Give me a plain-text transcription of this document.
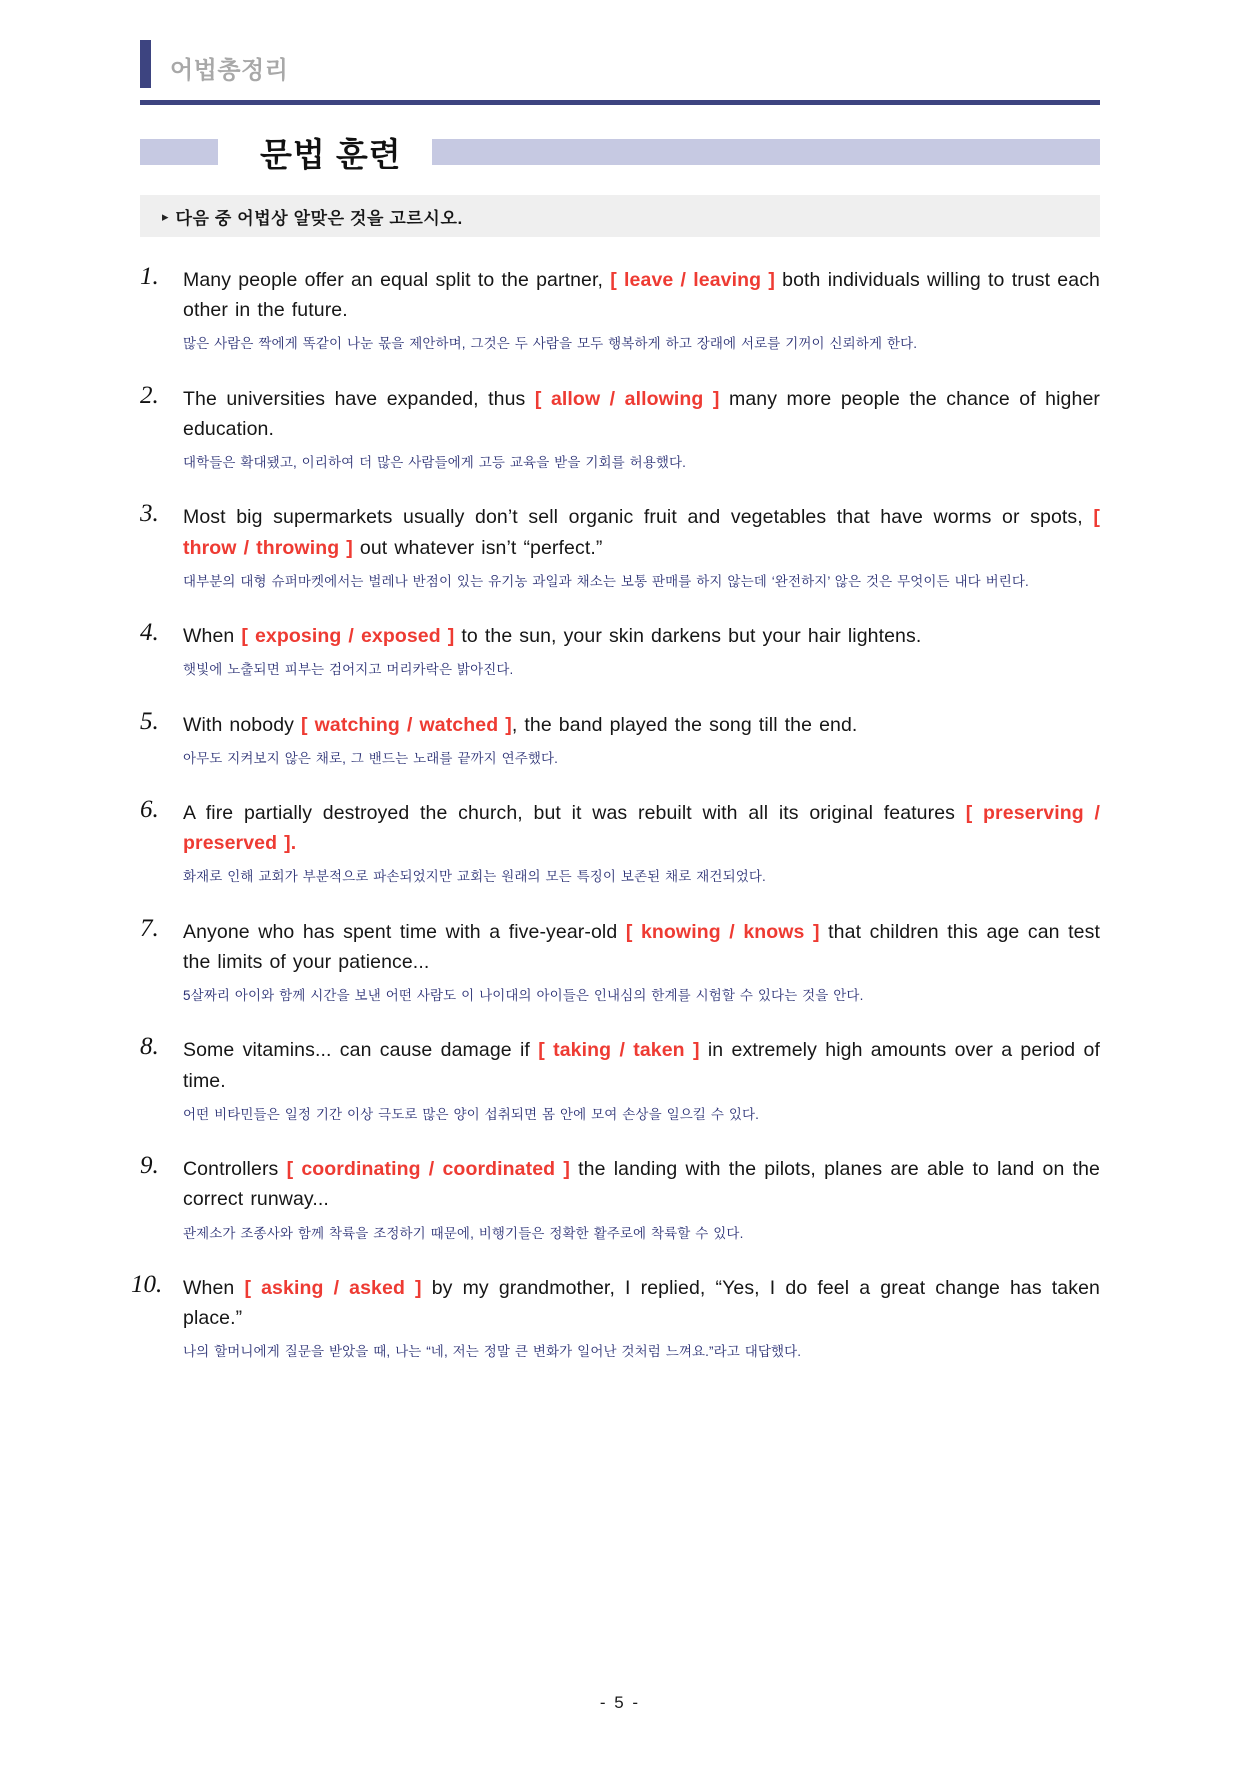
어법총정리
문법 훈련
▸ 다음 중 어법상 알맞은 것을 고르시오.
1. Many people offer an equal split to the partner, [ leave / leaving ] both individuals willing to trust each other in the future.
많은 사람은 짝에게 똑같이 나눈 몫을 제안하며, 그것은 두 사람을 모두 행복하게 하고 장래에 서로를 기꺼이 신뢰하게 한다.
2. The universities have expanded, thus [ allow / allowing ] many more people the chance of higher education.
대학들은 확대됐고, 이리하여 더 많은 사람들에게 고등 교육을 받을 기회를 허용했다.
3. Most big supermarkets usually don’t sell organic fruit and vegetables that have worms or spots, [ throw / throwing ] out whatever isn’t “perfect.”
대부분의 대형 슈퍼마켓에서는 벌레나 반점이 있는 유기농 과일과 채소는 보통 판매를 하지 않는데 ‘완전하지’ 않은 것은 무엇이든 내다 버린다.
4. When [ exposing / exposed ] to the sun, your skin darkens but your hair lightens.
햇빛에 노출되면 피부는 검어지고 머리카락은 밝아진다.
5. With nobody [ watching / watched ], the band played the song till the end.
아무도 지켜보지 않은 채로, 그 밴드는 노래를 끝까지 연주했다.
6. A fire partially destroyed the church, but it was rebuilt with all its original features [ preserving / preserved ].
화재로 인해 교회가 부분적으로 파손되었지만 교회는 원래의 모든 특징이 보존된 채로 재건되었다.
7. Anyone who has spent time with a five-year-old [ knowing / knows ] that children this age can test the limits of your patience...
5살짜리 아이와 함께 시간을 보낸 어떤 사람도 이 나이대의 아이들은 인내심의 한계를 시험할 수 있다는 것을 안다.
8. Some vitamins... can cause damage if [ taking / taken ] in extremely high amounts over a period of time.
어떤 비타민들은 일정 기간 이상 극도로 많은 양이 섭취되면 몸 안에 모여 손상을 일으킬 수 있다.
9. Controllers [ coordinating / coordinated ] the landing with the pilots, planes are able to land on the correct runway...
관제소가 조종사와 함께 착륙을 조정하기 때문에, 비행기들은 정확한 활주로에 착륙할 수 있다.
10. When [ asking / asked ] by my grandmother, I replied, “Yes, I do feel a great change has taken place.”
나의 할머니에게 질문을 받았을 때, 나는 “네, 저는 정말 큰 변화가 일어난 것처럼 느껴요.”라고 대답했다.
- 5 -
